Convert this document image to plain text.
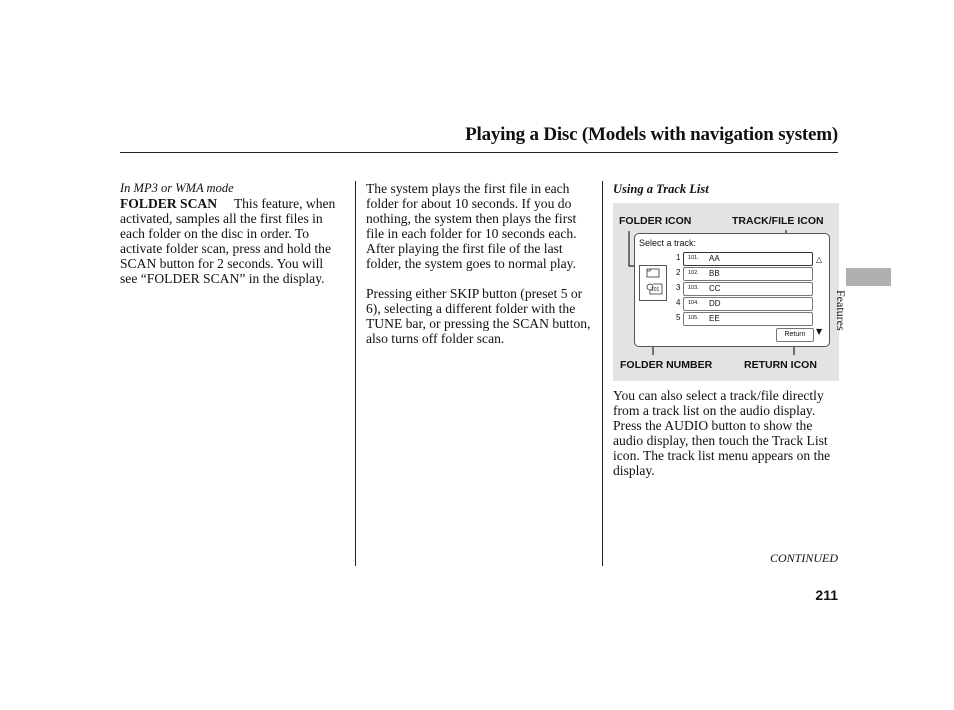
Playing a Disc (Models with navigation system)

In MP3 or WMA mode

FOLDER SCAN This feature, when activated, samples all the first files in each folder on the disc in order. To activate folder scan, press and hold the SCAN button for 2 seconds. You will see “FOLDER SCAN” in the display.

The system plays the first file in each folder for about 10 seconds. If you do nothing, the system then plays the first file in each folder for 10 seconds each. After playing the first file of the last folder, the system goes to normal play.

Pressing either SKIP button (preset 5 or 6), selecting a different folder with the TUNE bar, or pressing the SCAN button, also turns off folder scan.

Using a Track List
FOLDER ICON	TRACK/FILE ICON
Select a track:
101
1 101. AA
2 102. BB
3 103. CC
4 104. DD
5 105. EE
△
Return	▼
FOLDER NUMBER	RETURN ICON

You can also select a track/file directly from a track list on the audio display. Press the AUDIO button to show the audio display, then touch the Track List icon. The track list menu appears on the display.

Features
CONTINUED
211
